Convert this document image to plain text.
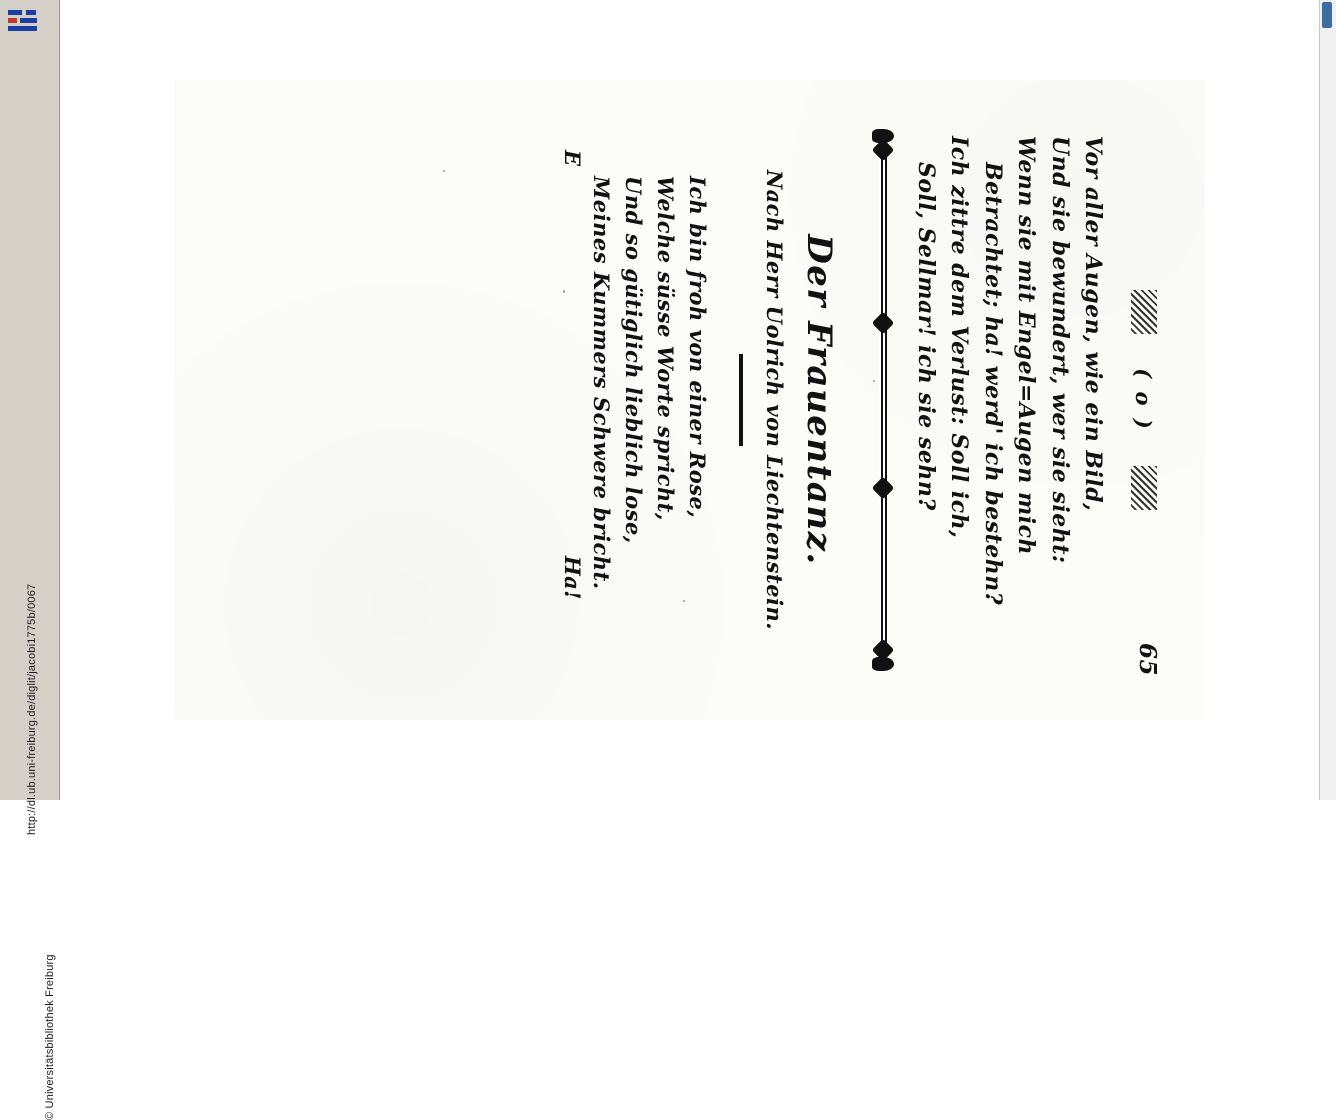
http://dl.ub.uni-freiburg.de/diglit/jacobi1775b/0067
© Universitätsbibliothek Freiburg
( o )
65
Vor aller Augen, wie ein Bild,
Und sie bewundert, wer sie sieht:
Wenn sie mit Engel=Augen mich
Betrachtet; ha! werd' ich bestehn?
Ich zittre dem Verlust: Soll ich,
Soll, Sellmar! ich sie sehn?
Der Frauentanz.
Nach Herr Uolrich von Liechtenstein.
Ich bin froh von einer Rose,
Welche süsse Worte spricht,
Und so gütiglich lieblich lose,
Meines Kummers Schwere bricht.
E
Ha!
